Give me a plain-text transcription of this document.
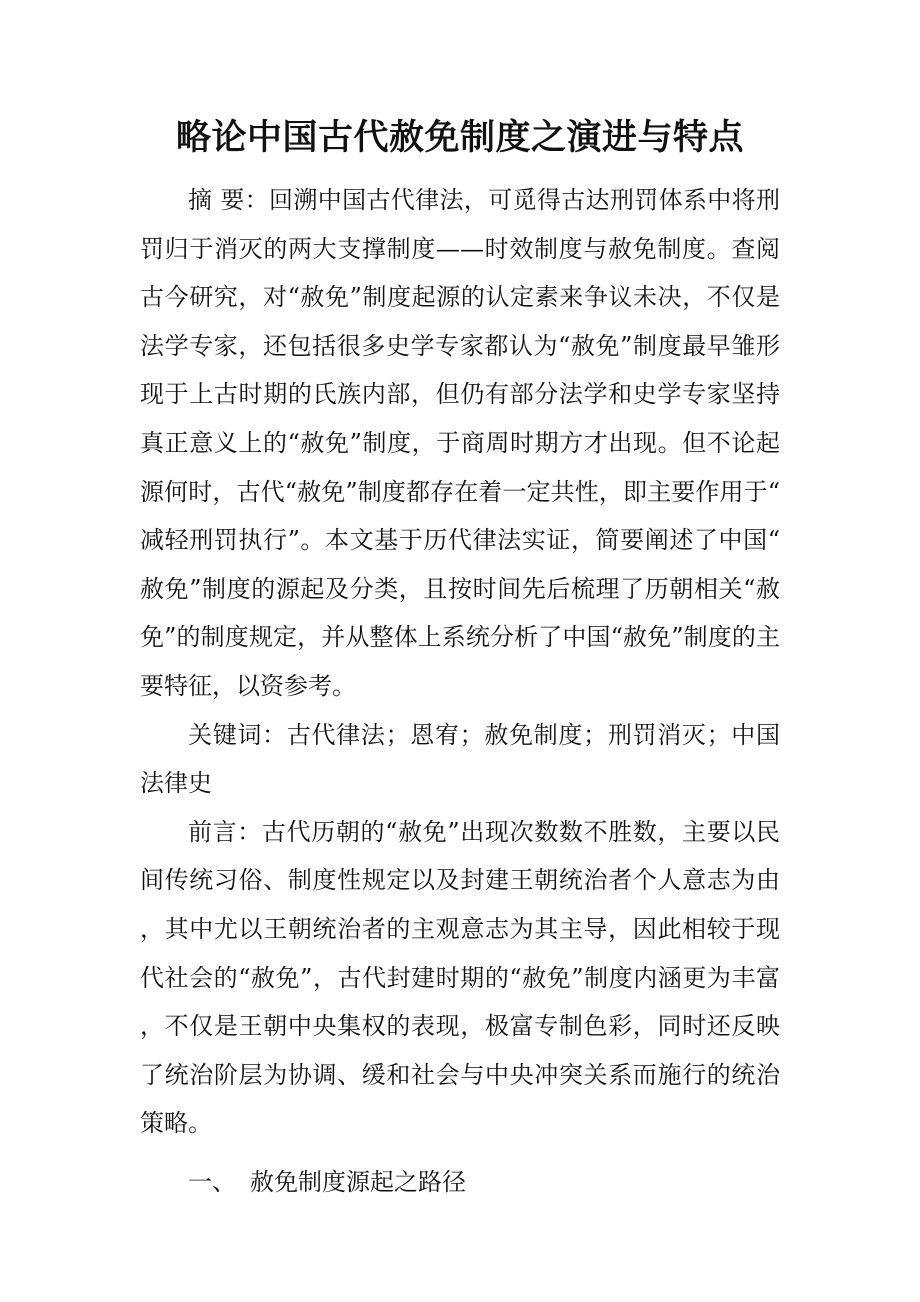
略论中国古代赦免制度之演进与特点

摘 要：回溯中国古代律法，可觅得古达刑罚体系中将刑罚归于消灭的两大支撑制度——时效制度与赦免制度。查阅古今研究，对“赦免”制度起源的认定素来争议未决，不仅是法学专家，还包括很多史学专家都认为“赦免”制度最早雏形现于上古时期的氏族内部，但仍有部分法学和史学专家坚持真正意义上的“赦免”制度，于商周时期方才出现。但不论起源何时，古代“赦免”制度都存在着一定共性，即主要作用于“减轻刑罚执行”。本文基于历代律法实证，简要阐述了中国“赦免”制度的源起及分类，且按时间先后梳理了历朝相关“赦免”的制度规定，并从整体上系统分析了中国“赦免”制度的主要特征，以资参考。

关键词：古代律法；恩宥；赦免制度；刑罚消灭；中国法律史

前言：古代历朝的“赦免”出现次数数不胜数，主要以民间传统习俗、制度性规定以及封建王朝统治者个人意志为由，其中尤以王朝统治者的主观意志为其主导，因此相较于现代社会的“赦免”，古代封建时期的“赦免”制度内涵更为丰富，不仅是王朝中央集权的表现，极富专制色彩，同时还反映了统治阶层为协调、缓和社会与中央冲突关系而施行的统治策略。

一、 赦免制度源起之路径
